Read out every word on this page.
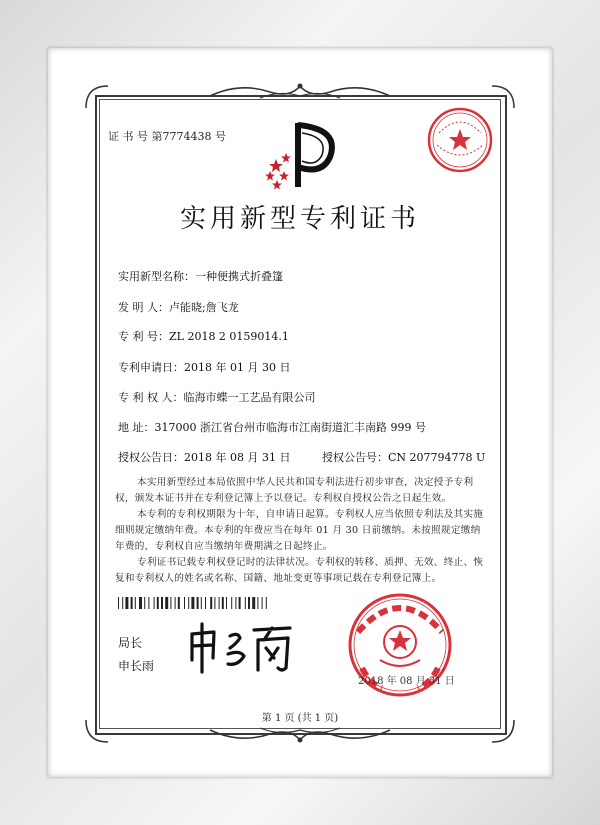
证 书 号 第7774438 号
实用新型专利证书
实用新型名称：一种便携式折叠篷
发 明 人：卢能晓;詹飞龙
专 利 号：ZL 2018 2 0159014.1
专利申请日：2018 年 01 月 30 日
专 利 权 人：临海市蝶一工艺品有限公司
地 址：317000 浙江省台州市临海市江南街道汇丰南路 999 号
授权公告日：2018 年 08 月 31 日	授权公告号：CN 207794778 U
本实用新型经过本局依照中华人民共和国专利法进行初步审查，决定授予专利权，颁发本证书并在专利登记簿上予以登记。专利权自授权公告之日起生效。
本专利的专利权期限为十年，自申请日起算。专利权人应当依照专利法及其实施细则规定缴纳年费。本专利的年费应当在每年 01 月 30 日前缴纳。未按照规定缴纳年费的，专利权自应当缴纳年费期满之日起终止。
专利证书记载专利权登记时的法律状况。专利权的转移、质押、无效、终止、恢复和专利权人的姓名或名称、国籍、地址变更等事项记载在专利登记簿上。
局长
申长雨
2018 年 08 月 31 日
第 1 页 (共 1 页)
